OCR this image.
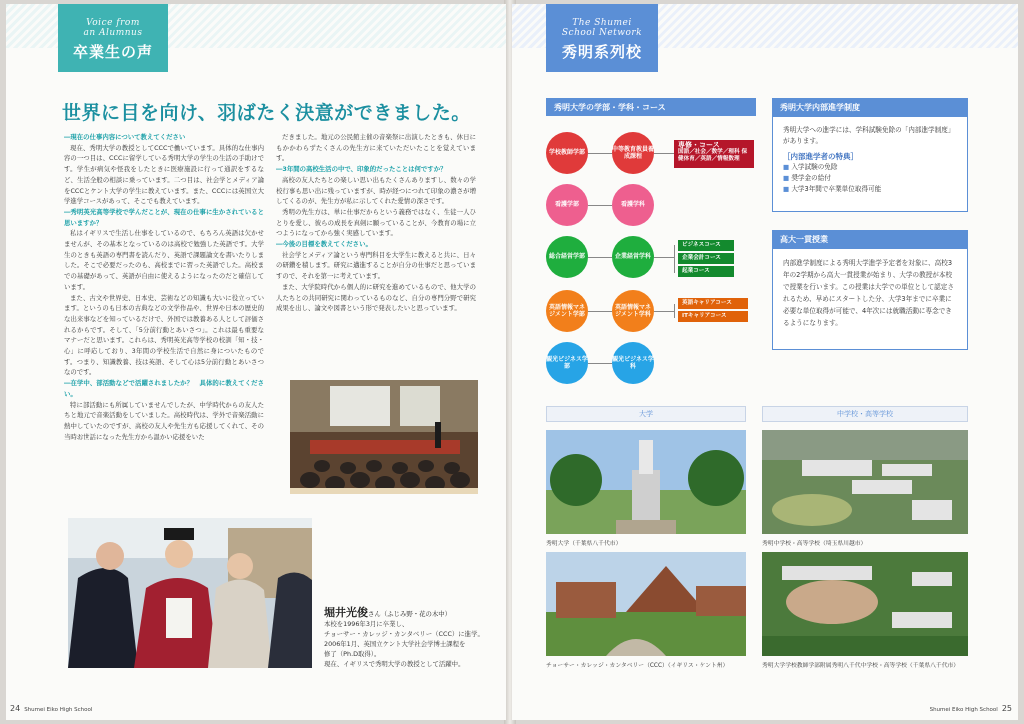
Voice from
an Alumnus
卒業生の声
世界に目を向け、羽ばたく決意ができました。

―現在の仕事内容について教えてください

現在、秀明大学の教授としてCCCで働いています。具体的な仕事内容の一つ目は、CCCに留学している秀明大学の学生の生活の手助けです。学生が病気や怪我をしたときに医療施設に行って通訳をするなど、生活全般の相談に乗っています。二つ目は、社会学とメディア論をCCCとケント大学の学生に教えています。また、CCCには英国立大学進学コースがあって、そこでも教えています。

―秀明英光高等学校で学んだことが、現在の仕事に生かされていると思いますか？

私はイギリスで生活し仕事をしているので、もちろん英語は欠かせませんが、その基本となっているのは高校で勉強した英語です。大学生のときも英語の専門書を読んだり、英語で課題論文を書いたりしました。そこで必要だったのも、高校までに習った英語でした。高校までの基礎があって、英語が自由に使えるようになったのだと確信しています。

また、古文や世界史、日本史、芸術などの知識も大いに役立っています。というのも日本の古典などの文学作品や、世界や日本の歴史的な出来事などを知っているだけで、外国では教養ある人として評価されるからです。そして、「5分前行動とあいさつ」。これは最も重要なマナーだと思います。これらは、秀明英光高等学校の校訓「知・技・心」に呼応しており、3年間の学校生活で自然に身についたものです。つまり、知識教養、技は英語、そして心は5分前行動とあいさつなのです。

―在学中、部活動などで活躍されましたか？　具体的に教えてください。

特に部活動にも所属していませんでしたが、中学時代からの友人たちと地元で音楽活動をしていました。高校時代は、学外で音楽活動に熱中していたのですが、高校の友人や先生方も応援してくれて、その当時お世話になった先生方から温かい応援をいた

だきました。地元の公民館主催の音楽祭に出演したときも、休日にもかかわらずたくさんの先生方に来ていただいたことを覚えています。

―3年間の高校生活の中で、印象的だったことは何ですか？

高校の友人たちとの楽しい思い出もたくさんありますし、数々の学校行事も思い出に残っていますが、時が経つにつれて印象の濃さが増してくるのが、先生方が私に示してくれた愛情の深さです。

秀明の先生方は、単に仕事だからという義務ではなく、生徒一人ひとりを愛し、彼らの成長を真剣に願っていることが、今教育の場に立つようになってから強く実感しています。

―今後の目標を教えてください。

社会学とメディア論という専門科目を大学生に教えると共に、日々の研鑽を積します。研究に邁進することが自分の仕事だと思っていますので、それを第一に考えています。

また、大学院時代から個人的に研究を進めているもので、他大学の人たちとの共同研究に関わっているものなど、自分の専門分野で研究成果を出し、論文や図書という形で発表したいと思っています。

堀井光俊さん（ふじみ野・花の木中）
本校を1996年3月に卒業し、
チョーサー・カレッジ・カンタベリー（CCC）に進学。
2006年1月、英国立ケント大学社会学博士課程を
修了（Ph.D取得）。
現在、イギリスで秀明大学の教授として活躍中。
24 Shumei Eiko High School
The Shumei
School Network
秀明系列校
秀明大学の学部・学科・コース
学校教師学部
中等教育教員養成課程
看護学部	看護学科
総合経営学部	企業経営学科
英語情報マネジメント学部
英語情報マネジメント学科
観光ビジネス学部
観光ビジネス学科
専修・コース
国語／社会／数学／理科 保健体育／英語／情報数理
ビジネスコース
企業会計コース
起業コース
英語キャリアコース
ITキャリアコース
秀明大学内部進学制度
秀明大学への進学には、学科試験免除の「内部進学制度」があります。
［内部進学者の特典］
■ 入学試験の免除
■ 奨学金の給付
■ 大学3年間で卒業単位取得可能
高大一貫授業
内部進学制度による秀明大学進学予定者を対象に、高校3年の2学期から高大一貫授業が始まり、大学の教授が本校で授業を行います。この授業は大学での単位として認定されるため、早めにスタートした分、大学3年までに卒業に必要な単位取得が可能で、4年次には就職活動に専念できるようになります。
大学	中学校・高等学校
秀明大学（千葉県八千代市）	秀明中学校・高等学校（埼玉県川越市）
チョーサー・カレッジ・カンタベリー（CCC）（イギリス・ケント州）	秀明大学学校教師学部附属秀明八千代中学校・高等学校（千葉県八千代市）
Shumei Eiko High School 25
